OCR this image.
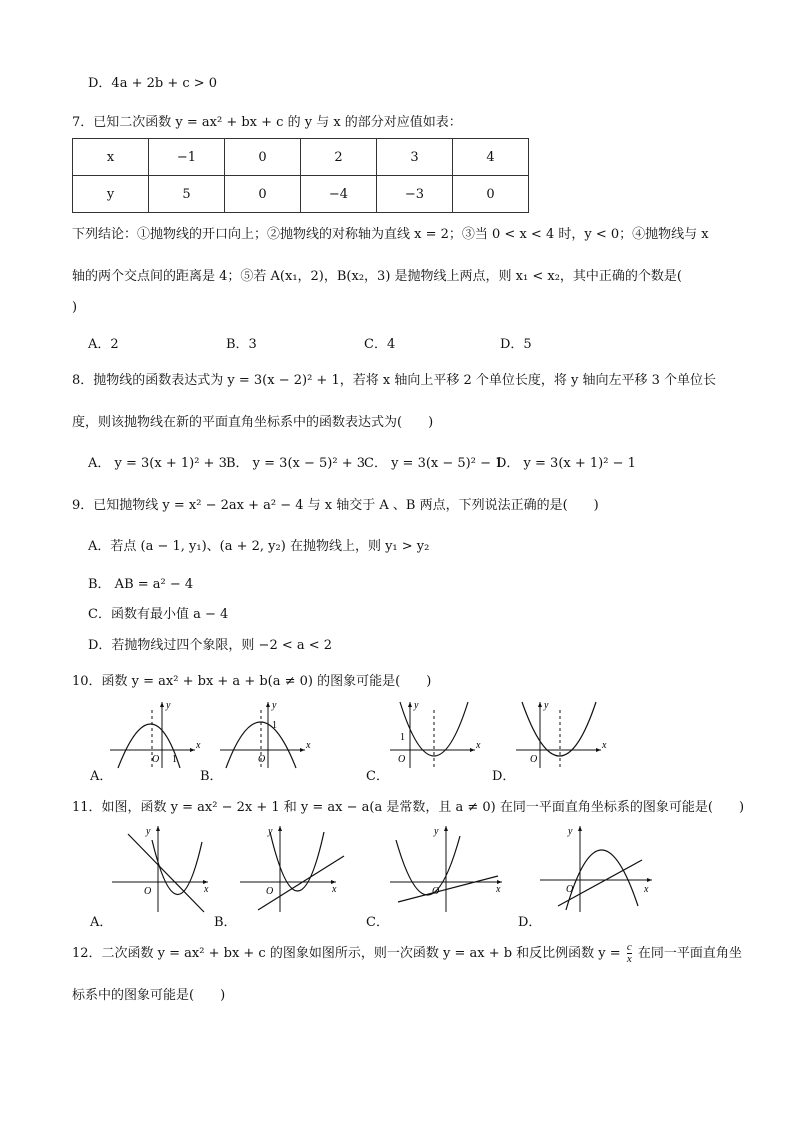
D．4a + 2b + c > 0
7．已知二次函数 y = ax² + bx + c 的 y 与 x 的部分对应值如表：
x	−1	0	2	3	4
y	5	0	−4	−3	0
下列结论：①抛物线的开口向上；②抛物线的对称轴为直线 x = 2；③当 0 < x < 4 时，y < 0；④抛物线与 x
轴的两个交点间的距离是 4；⑤若 A(x₁，2)，B(x₂，3) 是抛物线上两点，则 x₁ < x₂，其中正确的个数是(
)
A．2	B．3	C．4	D．5
8．抛物线的函数表达式为 y = 3(x − 2)² + 1，若将 x 轴向上平移 2 个单位长度，将 y 轴向左平移 3 个单位长
度，则该抛物线在新的平面直角坐标系中的函数表达式为(　　)
A． y = 3(x + 1)² + 3 B． y = 3(x − 5)² + 3
C． y = 3(x − 5)² − 1
D． y = 3(x + 1)² − 1
9．已知抛物线 y = x² − 2ax + a² − 4 与 x 轴交于 A 、B 两点，下列说法正确的是(　　)
A．若点 (a − 1, y₁)、(a + 2, y₂) 在抛物线上，则 y₁ > y₂
B． AB = a² − 4
C．函数有最小值 a − 4
D．若抛物线过四个象限，则 −2 < a < 2
10．函数 y = ax² + bx + a + b(a ≠ 0) 的图象可能是(　　)
y
x
O 1
A．
y
x
1
O
B．
y
x
1
O
C．
y
x
O
D．
11．如图，函数 y = ax² − 2x + 1 和 y = ax − a(a 是常数，且 a ≠ 0) 在同一平面直角坐标系的图象可能是(　　)
y
x
O
A．
y
x
O
B．
y
x
O
C．
y
x
O
D．
12．二次函数 y = ax² + bx + c 的图象如图所示，则一次函数 y = ax + b 和反比例函数 $y = \frac{c}{x}$ 在同一平面直角坐
标系中的图象可能是(　　)
